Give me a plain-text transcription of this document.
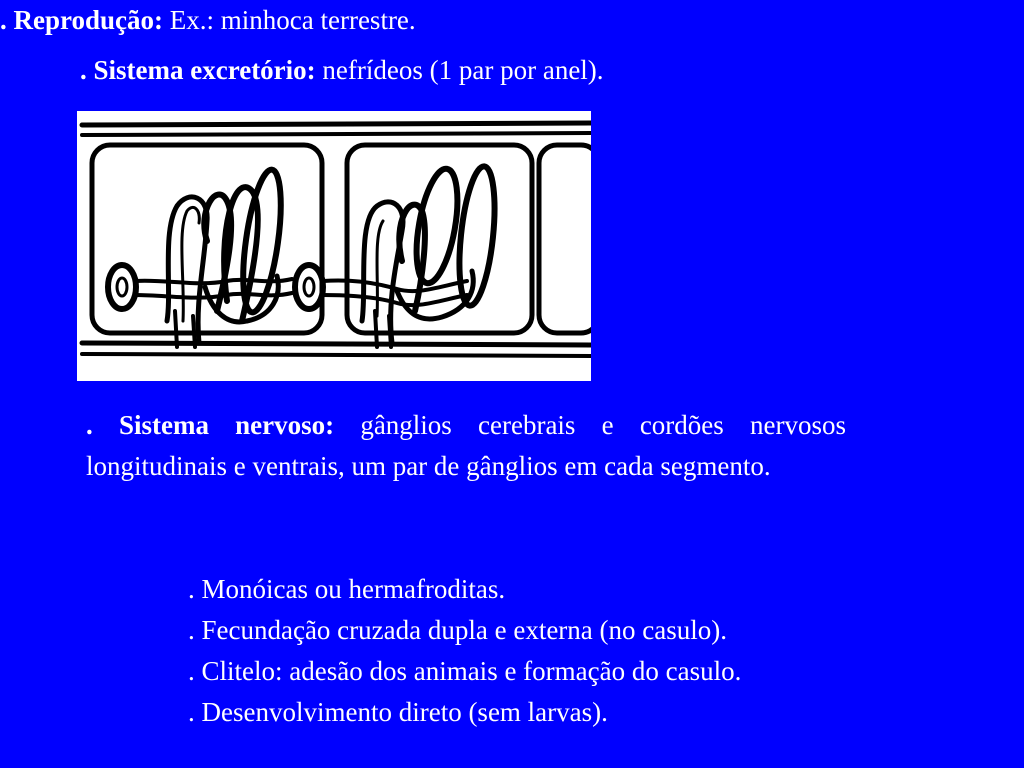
. Sistema excretório: nefrídeos (1 par por anel).
. Sistema nervoso: gânglios cerebrais e cordões nervosos longitudinais e ventrais, um par de gânglios em cada segmento.
. Reprodução: Ex.: minhoca terrestre.
. Monóicas ou hermafroditas.
. Fecundação cruzada dupla e externa (no casulo).
. Clitelo: adesão dos animais e formação do casulo.
. Desenvolvimento direto (sem larvas).
